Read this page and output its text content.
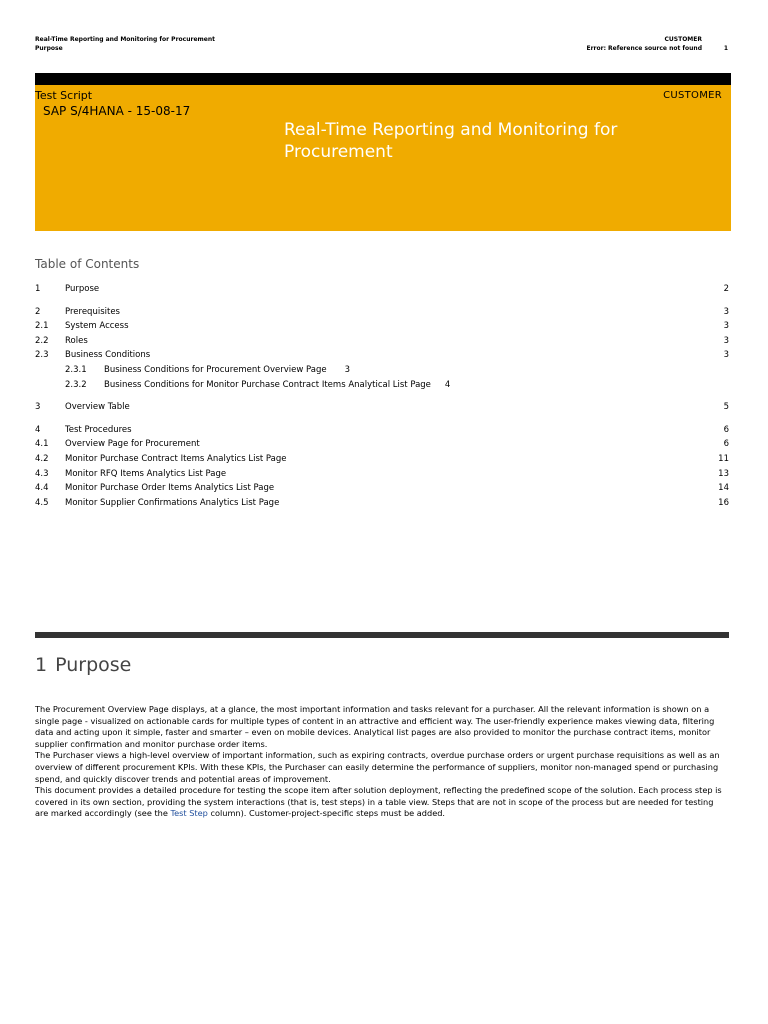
Real-Time Reporting and Monitoring for Procurement
Purpose
CUSTOMER
Error: Reference source not found	1
Test Script
SAP S/4HANA - 15-08-17
CUSTOMER
Real-Time Reporting and Monitoring for Procurement
Table of Contents
1	Purpose	2
2	Prerequisites	3
2.1 System Access	3
2.2 Roles	3
2.3 Business Conditions	3
2.3.1 Business Conditions for Procurement Overview Page 3
2.3.2 Business Conditions for Monitor Purchase Contract Items Analytical List Page 4
3	Overview Table	5
4	Test Procedures	6
4.1 Overview Page for Procurement	6
4.2 Monitor Purchase Contract Items Analytics List Page	11
4.3 Monitor RFQ Items Analytics List Page	13
4.4 Monitor Purchase Order Items Analytics List Page	14
4.5 Monitor Supplier Confirmations Analytics List Page	16
1 Purpose

The Procurement Overview Page displays, at a glance, the most important information and tasks relevant for a purchaser. All the relevant information is shown on a single page - visualized on actionable cards for multiple types of content in an attractive and efficient way. The user-friendly experience makes viewing data, filtering data and acting upon it simple, faster and smarter – even on mobile devices. Analytical list pages are also provided to monitor the purchase contract items, monitor supplier confirmation and monitor purchase order items.

The Purchaser views a high-level overview of important information, such as expiring contracts, overdue purchase orders or urgent purchase requisitions as well as an overview of different procurement KPIs. With these KPIs, the Purchaser can easily determine the performance of suppliers, monitor non-managed spend or purchasing spend, and quickly discover trends and potential areas of improvement.

This document provides a detailed procedure for testing the scope item after solution deployment, reflecting the predefined scope of the solution. Each process step is covered in its own section, providing the system interactions (that is, test steps) in a table view. Steps that are not in scope of the process but are needed for testing are marked accordingly (see the Test Step column). Customer-project-specific steps must be added.
